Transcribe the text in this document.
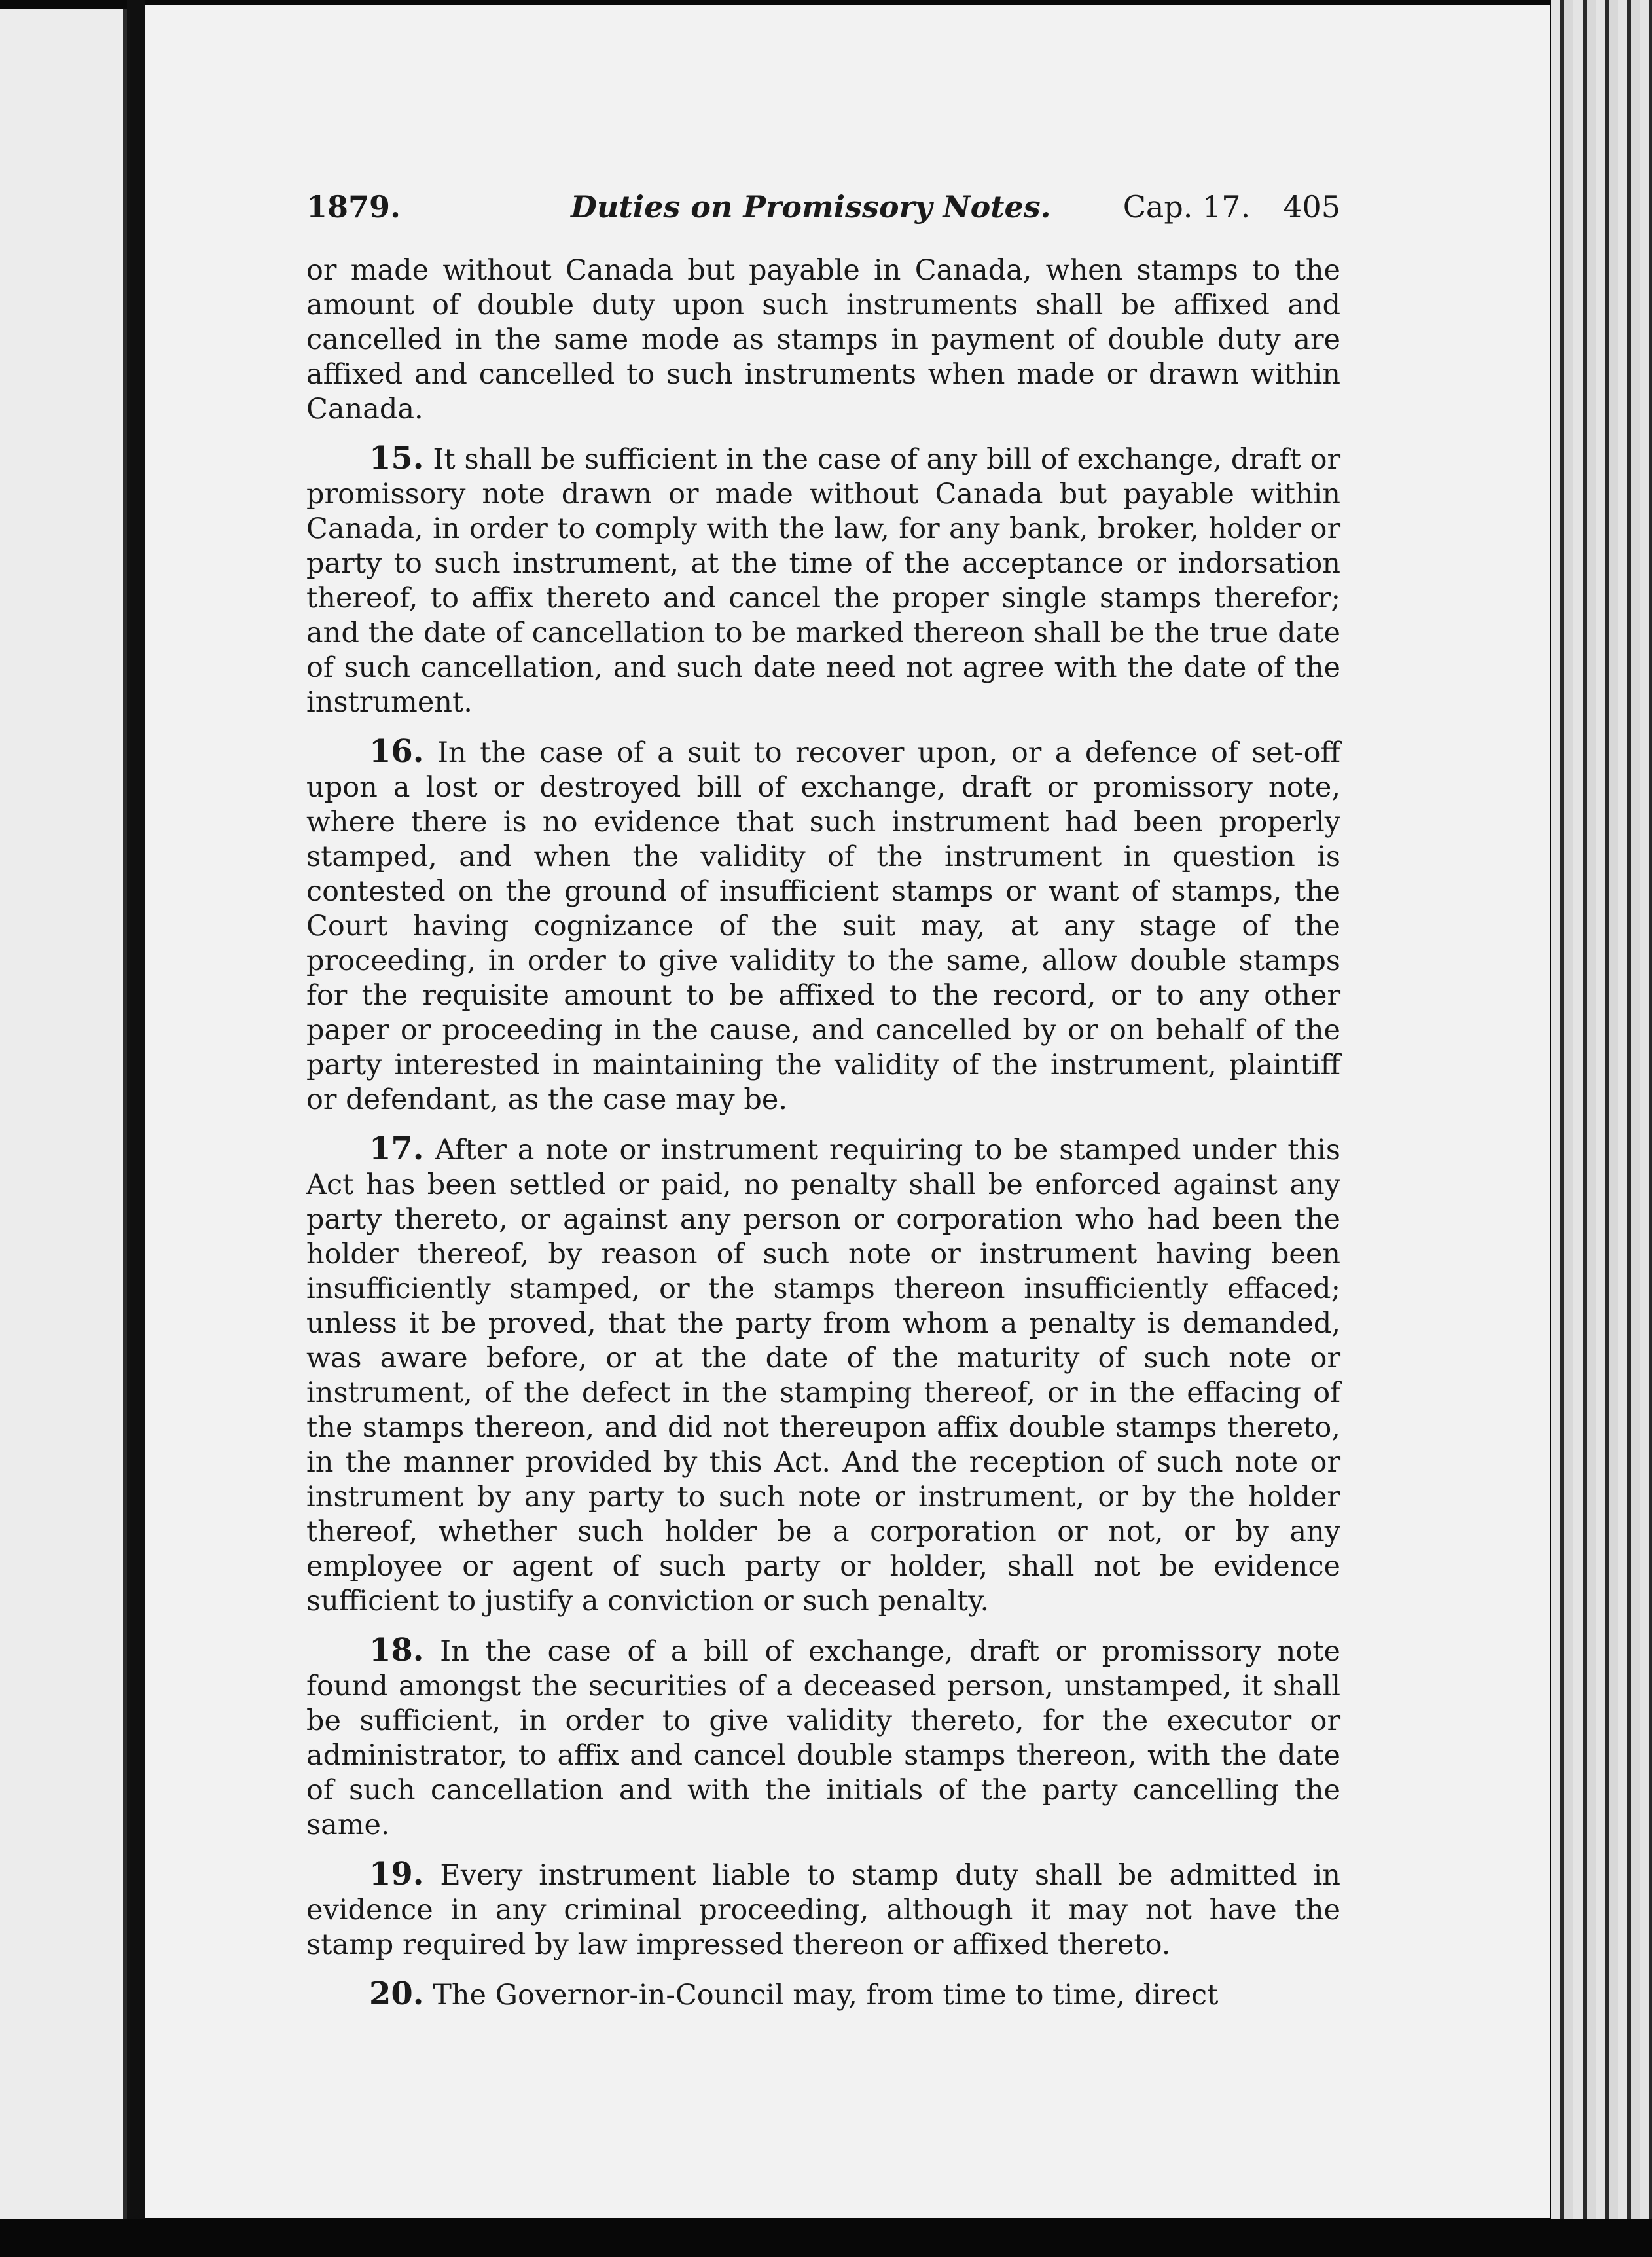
1879.	Duties on Promissory Notes.	Cap. 17. 405

or made without Canada but payable in Canada, when stamps to the amount of double duty upon such instruments shall be affixed and cancelled in the same mode as stamps in payment of double duty are affixed and cancelled to such instruments when made or drawn within Canada.

15. It shall be sufficient in the case of any bill of exchange, draft or promissory note drawn or made without Canada but payable within Canada, in order to comply with the law, for any bank, broker, holder or party to such instrument, at the time of the acceptance or indorsation thereof, to affix thereto and cancel the proper single stamps therefor; and the date of cancellation to be marked thereon shall be the true date of such cancellation, and such date need not agree with the date of the instrument.

16. In the case of a suit to recover upon, or a defence of set-off upon a lost or destroyed bill of exchange, draft or promissory note, where there is no evidence that such instrument had been properly stamped, and when the validity of the instrument in question is contested on the ground of insufficient stamps or want of stamps, the Court having cognizance of the suit may, at any stage of the proceeding, in order to give validity to the same, allow double stamps for the requisite amount to be affixed to the record, or to any other paper or proceeding in the cause, and cancelled by or on behalf of the party interested in maintaining the validity of the instrument, plaintiff or defendant, as the case may be.

17. After a note or instrument requiring to be stamped under this Act has been settled or paid, no penalty shall be enforced against any party thereto, or against any person or corporation who had been the holder thereof, by reason of such note or instrument having been insufficiently stamped, or the stamps thereon insufficiently effaced; unless it be proved, that the party from whom a penalty is demanded, was aware before, or at the date of the maturity of such note or instrument, of the defect in the stamping thereof, or in the effacing of the stamps thereon, and did not thereupon affix double stamps thereto, in the manner provided by this Act. And the reception of such note or instrument by any party to such note or instrument, or by the holder thereof, whether such holder be a corporation or not, or by any employee or agent of such party or holder, shall not be evidence sufficient to justify a conviction or such penalty.

18. In the case of a bill of exchange, draft or promissory note found amongst the securities of a deceased person, unstamped, it shall be sufficient, in order to give validity thereto, for the executor or administrator, to affix and cancel double stamps thereon, with the date of such cancellation and with the initials of the party cancelling the same.

19. Every instrument liable to stamp duty shall be admitted in evidence in any criminal proceeding, although it may not have the stamp required by law impressed thereon or affixed thereto.

20. The Governor-in-Council may, from time to time, direct
